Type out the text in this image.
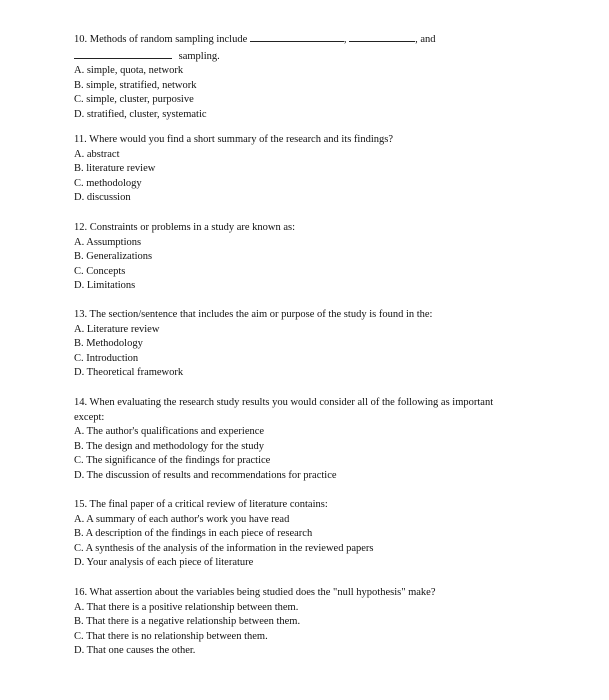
10. Methods of random sampling include	,	, and
sampling.

A. simple, quota, network
B. simple, stratified, network
C. simple, cluster, purposive
D. stratified, cluster, systematic

11. Where would you find a short summary of the research and its findings?

A. abstract
B. literature review
C. methodology
D. discussion

12. Constraints or problems in a study are known as:

A. Assumptions
B. Generalizations
C. Concepts
D. Limitations

13. The section/sentence that includes the aim or purpose of the study is found in the:

A. Literature review
B. Methodology
C. Introduction
D. Theoretical framework

14. When evaluating the research study results you would consider all of the following as important except:

A. The author's qualifications and experience
B. The design and methodology for the study
C. The significance of the findings for practice
D. The discussion of results and recommendations for practice

15. The final paper of a critical review of literature contains:

A. A summary of each author's work you have read
B. A description of the findings in each piece of research
C. A synthesis of the analysis of the information in the reviewed papers
D. Your analysis of each piece of literature

16. What assertion about the variables being studied does the "null hypothesis" make?

A. That there is a positive relationship between them.
B. That there is a negative relationship between them.
C. That there is no relationship between them.
D. That one causes the other.
